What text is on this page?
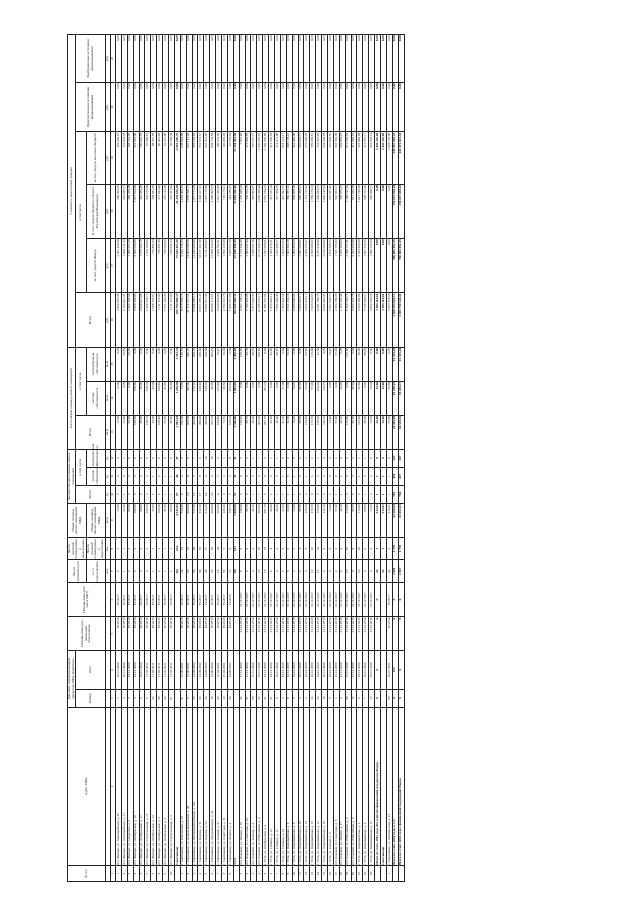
№ п/п	Адрес МКД	Документ, подтверждающий признание МКД аварийным		Планируемая дата окончания переселения	Планируемая дата сноса МКД	Число жителей всего	Число жителей планируемых к переселению	Общая площадь жилых помещений МКД	Количество расселяемых жилых помещений			Расселяемая площадь жилых помещений			Стоимость переселения граждан					
		Номер	Дата						Всего	в том числе		Всего	в том числе		Всего	в том числе			Дополнительные источники финансирования	Внебюджетные источники финансирования
						в т.ч. переселяемых	Число жителей планируемых к переселению	Общая площадь жилых помещений МКД		частная собственность	муниципальная собственность		частная собственность	муниципальная собственность		за счет средств Фонда	за счет средств бюджета субъекта Российской Федерации	за счет средств местного бюджета		
						чел.	чел.	кв.м	ед.	ед.	ед.	кв.м	кв.м	кв.м	руб.	руб.	руб.	руб.	руб.	руб.
1	2	3	4	5	6	7	8	9	10	11	12	13	14	15	16	17	18	19	20	21
1	пгт. Жешарт, ул. Первомайская, д. 30	1	24.12.2008	IV.2016	IV.2017	2	2	73,50	2	2	0	73,50	73,50	0,00	2 954 281,09	2 491 426,58	268 854,35	194 000,16	0,00	0,00
2	пгт. Жешарт, ул. Первомайская, д. 31	2	24.12.2008	IV.2016	IV.2017	1	1	35,60	1	0	1	35,60	0,00	35,60	2 190 447,41	1 468 731,34	542 683,74	179 032,33	0,00	0,00
3	пгт. Жешарт, ул. Свердлова, д. 6	3	24.12.2008	IV.2016	IV.2017	2	2	95,90	2	2	0	95,90	0,00	95,90	2 484 208,58	1 986 005,45	309 439,08	188 764,05	0,00	0,00
4	пгт. Жешарт, ул. Октябрьская, д. 10	4	24.12.2008	IV.2016	IV.2017	3	3	199,60	3	3	0	199,60	199,60	0,00	3 990 128,00	2 660 054,00	1 011 013,00	319 061,00	0,00	0,00
5	пгт. Жешарт, ул. Октябрьская, д. 12	5	24.12.2008	IV.2016	IV.2017	2	2	59,90	2	2	0	59,90	59,90	0,00	2 009 947,00	1 375 522,78	381 425,28	150 932,55	0,00	0,00
6	пгт. Жешарт, ул. Строительная, д. 12	6	11.02.2011	IV.2016	IV.2017	2	2	108,70	2	2	0	108,70	108,70	0,00	1 908 155,77	1 374 193,69	534 181,00	91 988,97	0,00	0,00
7	пгт. Жешарт, ул. Октябрьская, д. 14	6а	11.02.2011	IV.2016	IV.2017	1	1	33,00	1	1	0	33,00	33,00	0,00	1 088 101,01	770 882,24	228 681,80	88 537,05	0,00	0,00
8	пгт. Жешарт, ул. Октябрьская, д. 2	6б	11.02.2011	IV.2016	IV.2017	2	2	108,40	2	2	0	108,40	108,40	0,00	1 111 115,00	758 891,20	271 822,40	80 401,40	0,00	0,00
9	пгт. Жешарт, ул. Пионерская, д. 4	6в	11.02.2011	IV.2016	IV.2017	1	1	81,90	1	1	0	81,90	81,90	0,00	1 071 132,00	764 020,00	216 141,00	91 521,00	0,00	0,00
10	пгт. Жешарт, ул. Строительная, д. 5	6г	11.02.2011	IV.2016	IV.2017	1	1	99,50	1	1	0	99,50	99,50	0,00	1 111 115,00	764 031,24	232 411,62	86 558,36	0,00	0,00
	Сыктывкар					363	254	4 531,03	87	40	47	3 001,64	1 259,30	1 742,34	106 794 908,37	77 645 663,38	26 278 636,30	4 991 196,73	0,00	0,00
1	г. Сыктывкар, ул. Бабушкина, д. 16	21	21.06.2001	IV.2016	IV.2017	24	12	524,40	6	2	4	216,00	73,30	142,70	8 578 559,74	6 235 114,34	2 004 400,52	338 044,88	0,00	0,00
2	г. Сыктывкар, ул. Домны Каликовой, д. 46	6	21.06.2001	IV.2016	IV.2017	66	53	864,60	19	11	8	600,00	300,30	299,70	21 315 577,31	14 803 089,26	5 685 296,71	827 191,34	0,00	0,00
3	г. Сыктывкар, ул. Интернациональная, д. 164	25	14.09.2000	IV.2016	IV.2017	36	36	571,60	12	5	7	442,80	178,10	264,70	15 998 990,15	11 626 000,00	3 677 171,29	695 818,86	0,00	0,00
4	г. Сыктывкар, ул. Кирова, д. 51	20	14.09.2000	IV.2016	IV.2017	46	35	612,20	17	9	8	398,00	149,40	248,60	13 917 291,41	10 117 201,59	3 248 417,21	551 672,61	0,00	0,00
5	г. Сыктывкар, ул. Кирова, д. 63	23	14.09.2000	IV.2016	IV.2017	48	37	614,40	14	4	10	429,60	129,10	300,50	13 802 017,38	9 731 808,62	3 447 176,86	623 031,90	0,00	0,00
6	г. Сыктывкар, ул. Орджоникидзе, д. 34	19	14.09.2000	IV.2016	IV.2017	55	50	603,60	23	4	19	553,70	60,30	493,40	18 668 112,61	13 628 514,58	4 099 803,19	939 794,84	0,00	0,00
7	г. Сыктывкар, ул. Сенная, д. 37	22	07.03.2001	IV.2016	IV.2017	18	18	564,20	4	2	2	185,80	107,40	78,40	5 829 881,09	3 829 781,61	1 813 426,82	186 672,66	0,00	0,00
8	г. Сыктывкар, ул. Советская, д. 11	18	07.03.2001	IV.2016	IV.2017	59	5	148,30	2	1	1	73,50	48,50	25,00	2 700 110,78	1 850 125,88	729 175,41	120 809,49	0,00	0,00
9	г. Сыктывкар, ул. Ленина, д. 4	20	24.09.2002	IV.2018	IV.2018	11	8	188,73	2	2	0	102,24	102,24	0,00	1 984 367,99	1 455 027,50	461 786,45	67 554,04	0,00	0,00
	Ухта					183	183	2 880,60	52	21	31	2 550,60	1 094,10	1 456,50	102 666 908,35	67 040 990,39	22 095 436,46	13 530 481,50	0,00	0,00
1	пгт. Боровой, ул. Ленина, д. 10	32	21.12.2009	31.12.2016	31.12.2017	9	9	129,60	3	0	3	129,60	0,00	129,60	4 997 188,11	3 713 334,39	1 276 846,04	7 007,68	0,00	0,00
2	пгт. Боровой, ул. Советская, д. 25	57	21.12.2009	31.12.2016	31.12.2017	5	5	69,70	2	0	2	69,70	0,00	69,70	2 799 523,29	1 993 021,64	530 572,70	275 928,95	0,00	0,00
3	пгт. Боровой, ул. Зеленая, д. 4	56	21.12.2009	31.12.2016	31.12.2017	4	4	46,30	1	0	1	46,30	0,00	46,30	1 875 963,00	1 259 051,56	419 803,67	197 107,77	0,00	0,00
4	пгт. Боровой, ул. Юбилейная, д. 4	26	24.12.2009	31.12.2016	31.12.2017	18	18	303,90	7	0	7	303,90	0,00	303,90	12 285 076,17	8 172 444,14	2 682 396,46	1 430 235,57	0,00	0,00
5	г. Ухта, ул. Октябрьская, д. 2	21	24.12.2009	31.12.2016	31.12.2017	16	16	281,70	5	5	0	281,70	281,70	0,00	11 360 137,04	7 551 096,01	2 516 734,23	1 292 306,80	0,00	0,00
6	г. Ухта, ул. Губкина, д. 12	37	24.12.2009	31.12.2016	31.12.2017	4	4	45,90	1	0	1	45,90	0,00	45,90	1 855 946,12	1 233 478,11	411 237,38	211 230,63	0,00	0,00
7	г. Ухта, ул. Губкина, д. 13	8	24.12.2009	31.12.2016	31.12.2017	4	4	46,60	1	0	1	46,60	0,00	46,60	1 884 268,40	1 252 288,17	417 508,35	214 471,88	0,00	0,00
8	г. Ухта, ул. Губкина, д. 14	4	24.12.2009	31.12.2016	31.12.2017	4	4	47,00	1	1	0	47,00	47,00	0,00	1 900 442,58	1 263 037,04	421 091,37	216 314,17	0,00	0,00
9	г. Ухта, ул. Первомайская, д. 6	9	24.12.2009	31.12.2016	31.12.2017	6	6	62,60	2	0	2	62,60	0,00	62,60	2 531 224,74	1 682 264,19	560 851,14	288 109,41	0,00	0,00
10	г. Ухта, ул. Первомайская, д. 8	4	24.12.2009	31.12.2016	31.12.2017	2	2	74,20	1	1	0	74,20	74,20	0,00	3 000 000,00	1 993 800,00	664 800,00	341 400,00	0,00	0,00
11	г. Ухта, ул. Первомайская, д. 10	3	24.12.2009	31.12.2016	31.12.2017	4	4	98,50	2	2	0	98,50	98,50	0,00	3 982 810,13	2 647 026,61	882 438,41	453 345,11	0,00	0,00
12	г. Ухта, ул. Первомайская, д. 13	3	24.12.2009	31.12.2016	31.12.2017	6	6	125,20	2	1	1	125,20	62,60	62,60	5 062 451,17	3 364 705,47	1 121 715,42	576 030,28	0,00	0,00
13	г. Ухта, ул. Первомайская, д. 15	14	24.12.2009	31.12.2016	31.12.2017	10	10	173,70	3	1	2	173,70	57,90	115,80	7 023 634,93	4 668 000,00	1 556 176,32	799 458,61	0,00	0,00
14	г. Ухта, ул. Первомайская, д. 17	15	24.12.2009	31.12.2016	31.12.2017	10	10	155,60	3	2	1	155,60	104,10	51,50	6 291 769,79	4 181 618,49	1 394 054,01	716 097,29	0,00	0,00
15	г. Ухта, ул. Первомайская, д. 19	16	24.12.2009	31.12.2016	31.12.2017	8	8	116,10	2	2	0	116,10	116,10	0,00	4 694 483,00	3 120 000,00	1 040 143,64	534 339,36	0,00	0,00
16	г. Ухта, ул. Сенная, д. 8	5	24.12.2009	31.12.2016	31.12.2017	6	6	73,40	2	0	2	73,40	0,00	73,40	2 967 939,71	1 972 545,75	657 587,40	337 806,56	0,00	0,00
17	пгт. Боровой, ул. Советская, д. 6	1	21.12.2009	31.12.2016	31.12.2017	2	2	57,00	1	0	1	57,00	0,00	57,00	2 304 789,09	1 531 765,83	510 661,17	262 362,09	0,00	0,00
18	пгт. Боровой, ул. Ленина, д. 17	2	21.12.2009	31.12.2016	31.12.2017	4	4	44,10	1	1	0	44,10	44,10	0,00	1 783 162,40	1 185 100,83	395 076,12	202 985,45	0,00	0,00
19	пгт. Боровой, ул. Юбилейная, д. 2	48	21.12.2009	31.12.2016	31.12.2017	10	10	132,80	3	0	3	132,80	0,00	132,80	5 369 720,75	3 568 717,21	1 189 747,91	611 255,63	0,00	0,00
20	пгт. Боровой, ул. Юбилейная, д. 6	12	21.12.2009	31.12.2016	31.12.2017	8	8	90,60	2	2	0	90,60	90,60	0,00	3 663 322,79	2 434 640,98	811 635,59	417 046,22	0,00	0,00
21	г. Ухта, ул. Первомайская, д. 2	6	24.12.2009	31.12.2016	31.12.2017	10	10	113,60	2	1	1	113,60	56,80	56,80	4 593 399,04	3 052 800,00	1 017 750,98	522 848,06	0,00	0,00
22	г. Ухта, ул. Первомайская, д. 4	7	24.12.2009	31.12.2016	31.12.2017	6	6	68,00	1	0	1	68,00	0,00	68,00	2 749 548,97	1 827 379,36	609 211,90	312 957,71	0,00	0,00
23	г. Ухта, ул. Первомайская, д. 12	13	24.12.2009	31.12.2016	31.12.2017	4	4	74,30	2	2	0	74,30	74,30	0,00	3 004 393,05	1 996 720,54	665 668,37	342 004,14	0,00	0,00
	Итого по этапу 2015 года (III этап) без финансовой поддержки Фонда	Х	Х	Х	Х	34	3	513,81	1	1	0	25,88	25,88	0,00	2 495 118,68	0,00	0,00	2 495 118,68	0,00	0,00
	Сыктывкар					34	3	513,81	1	1	0	25,88	25,88	0,00	2 495 118,68	0,00	0,00	2 495 118,68	0,00	0,00
1	г. Сыктывкар, ул. Октябрьская, д. 15	85	24.10.2001	IV.2016	IV.2017	34	3	513,81	1	1	0	25,88	25,88	0,00	2 495 118,68	0,00	0,00	2 495 118,68	0,00	0,00
	Всего по этапу 2016 года, в т.ч.:	Х	223	Х	Х	2 001	1 779	62 206,64	785	418	367	34 565,69	19 230,25	15 335,44	1 308 293 663,13	706 082 092,25	356 657 038,24	245 967 942,22	0,00	0,00
	Всего по этапу 2016 года с финансовой поддержкой Фонда	Х	Х	Х	Х	1 967	1 776	61 692,83	784	417	367	34 539,81	19 204,37	15 335,44	1 305 798 544,45	706 082 092,25	356 657 038,24	243 472 823,54	0,00	0,00
